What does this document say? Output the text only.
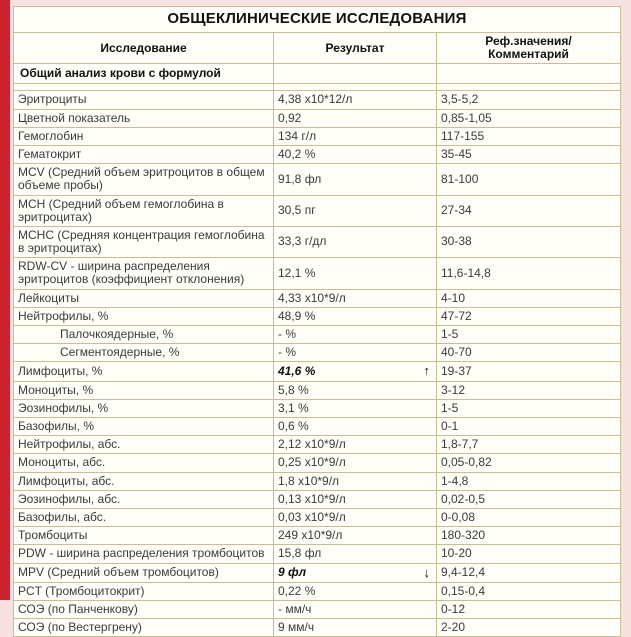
ОБЩЕКЛИНИЧЕСКИЕ ИССЛЕДОВАНИЯ		
Исследование	Результат	Реф.значения/
Комментарий

Общий анализ крови с формулой		

Эритроциты	4,38 х10*12/л	3,5-5,2
Цветной показатель	0,92	0,85-1,05
Гемоглобин	134 г/л	117-155
Гематокрит	40,2 %	35-45
MCV (Средний объем эритроцитов в общем объеме пробы)	91,8 фл	81-100
MCH (Средний объем гемоглобина в эритроцитах)	30,5 пг	27-34
MCHC (Средняя концентрация гемоглобина в эритроцитах)	33,3 г/дл	30-38
RDW-CV - ширина распределения эритроцитов (коэффициент отклонения)	12,1 %	11,6-14,8
Лейкоциты	4,33 х10*9/л	4-10
Нейтрофилы, %	48,9 %	47-72
Палочкоядерные, %	- %	1-5
Сегментоядерные, %	- %	40-70
Лимфоциты, %	41,6 % ↑	19-37
Моноциты, %	5,8 %	3-12
Эозинофилы, %	3,1 %	1-5
Базофилы, %	0,6 %	0-1
Нейтрофилы, абс.	2,12 х10*9/л	1,8-7,7
Моноциты, абс.	0,25 х10*9/л	0,05-0,82
Лимфоциты, абс.	1,8 х10*9/л	1-4,8
Эозинофилы, абс.	0,13 х10*9/л	0,02-0,5
Базофилы, абс.	0,03 х10*9/л	0-0,08
Тромбоциты	249 х10*9/л	180-320
PDW - ширина распределения тромбоцитов	15,8 фл	10-20
MPV (Средний объем тромбоцитов)	9 фл ↓	9,4-12,4
PCT (Тромбоцитокрит)	0,22 %	0,15-0,4
СОЭ (по Панченкову)	- мм/ч	0-12
СОЭ (по Вестергрену)	9 мм/ч	2-20
